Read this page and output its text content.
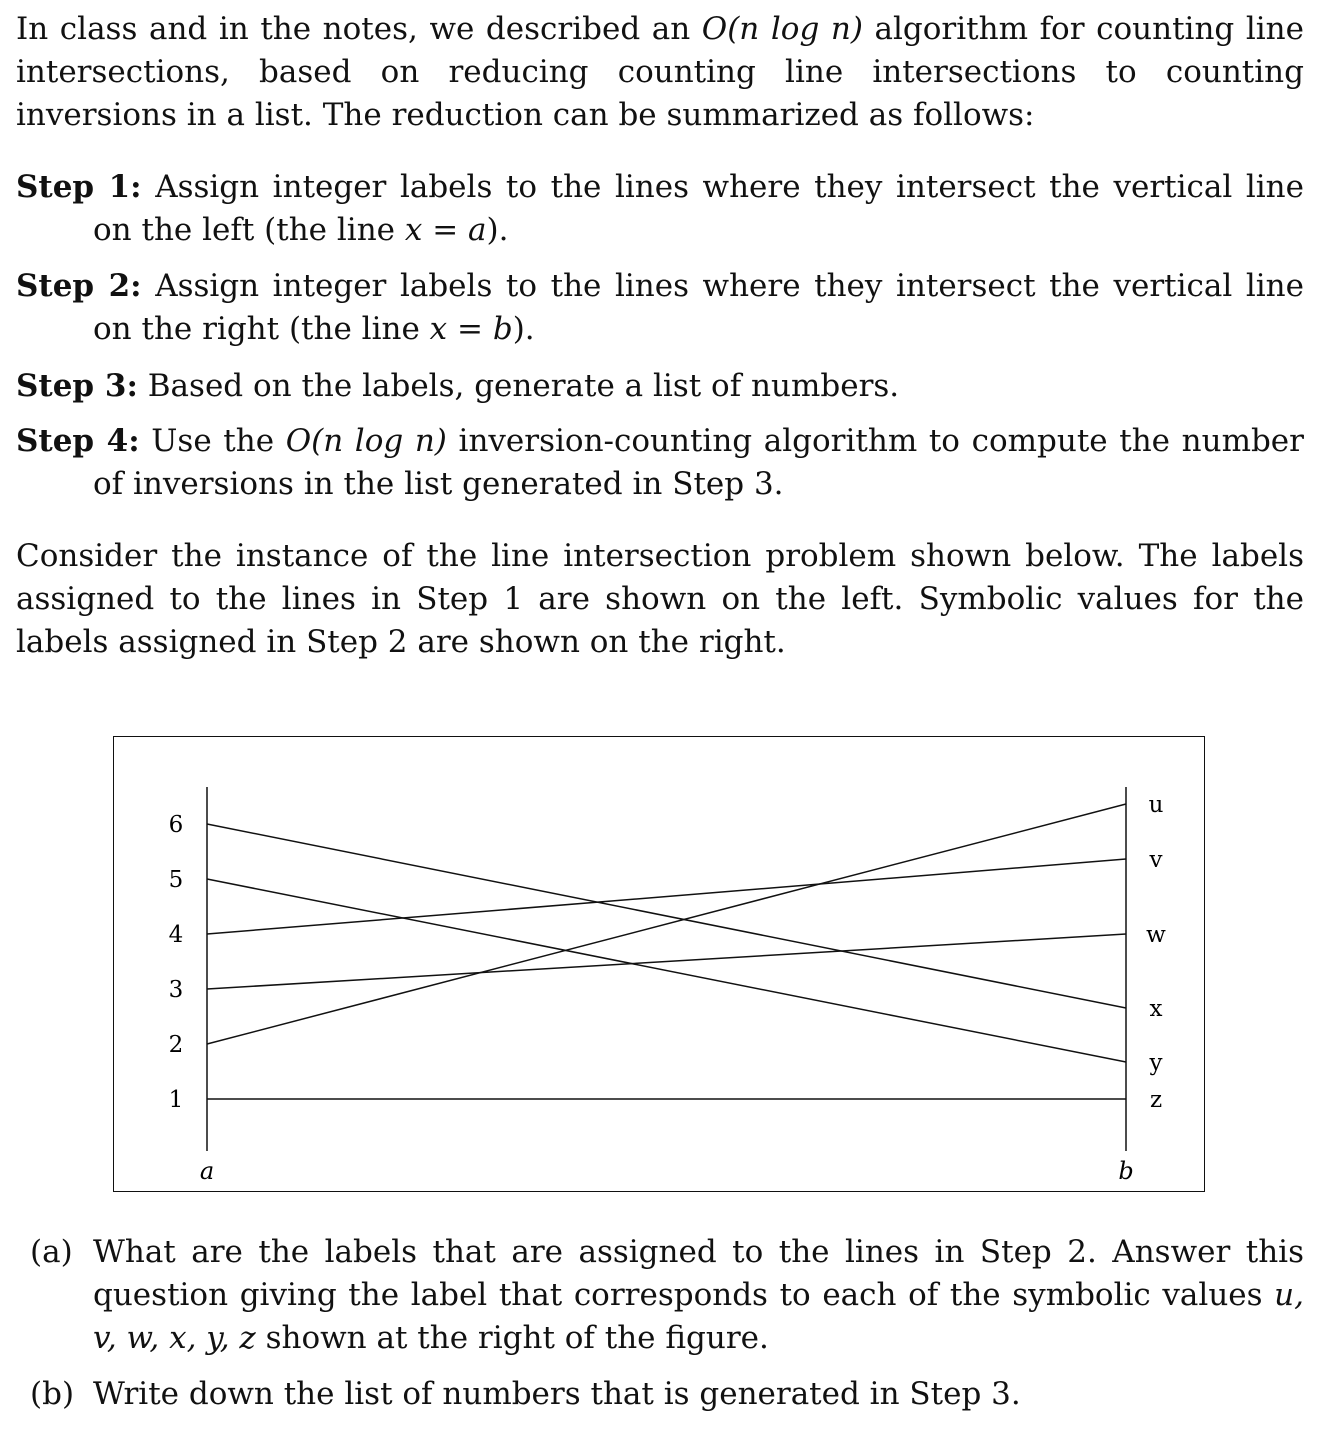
In class and in the notes, we described an O(n log n) algorithm for counting line intersections, based on reducing counting line intersections to counting inversions in a list. The reduction can be summarized as follows:
Step 1: Assign integer labels to the lines where they intersect the vertical line on the left (the line x = a).
Step 2: Assign integer labels to the lines where they intersect the vertical line on the right (the line x = b).
Step 3: Based on the labels, generate a list of numbers.
Step 4: Use the O(n log n) inversion-counting algorithm to compute the number of inversions in the list generated in Step 3.
Consider the instance of the line intersection problem shown below. The labels assigned to the lines in Step 1 are shown on the left. Symbolic values for the labels assigned in Step 2 are shown on the right.
a	b
6
5
4
3
2
1
u
v
w
x
y
z
(a) What are the labels that are assigned to the lines in Step 2. Answer this question giving the label that corresponds to each of the symbolic values u, v, w, x, y, z shown at the right of the figure.
(b) Write down the list of numbers that is generated in Step 3.
